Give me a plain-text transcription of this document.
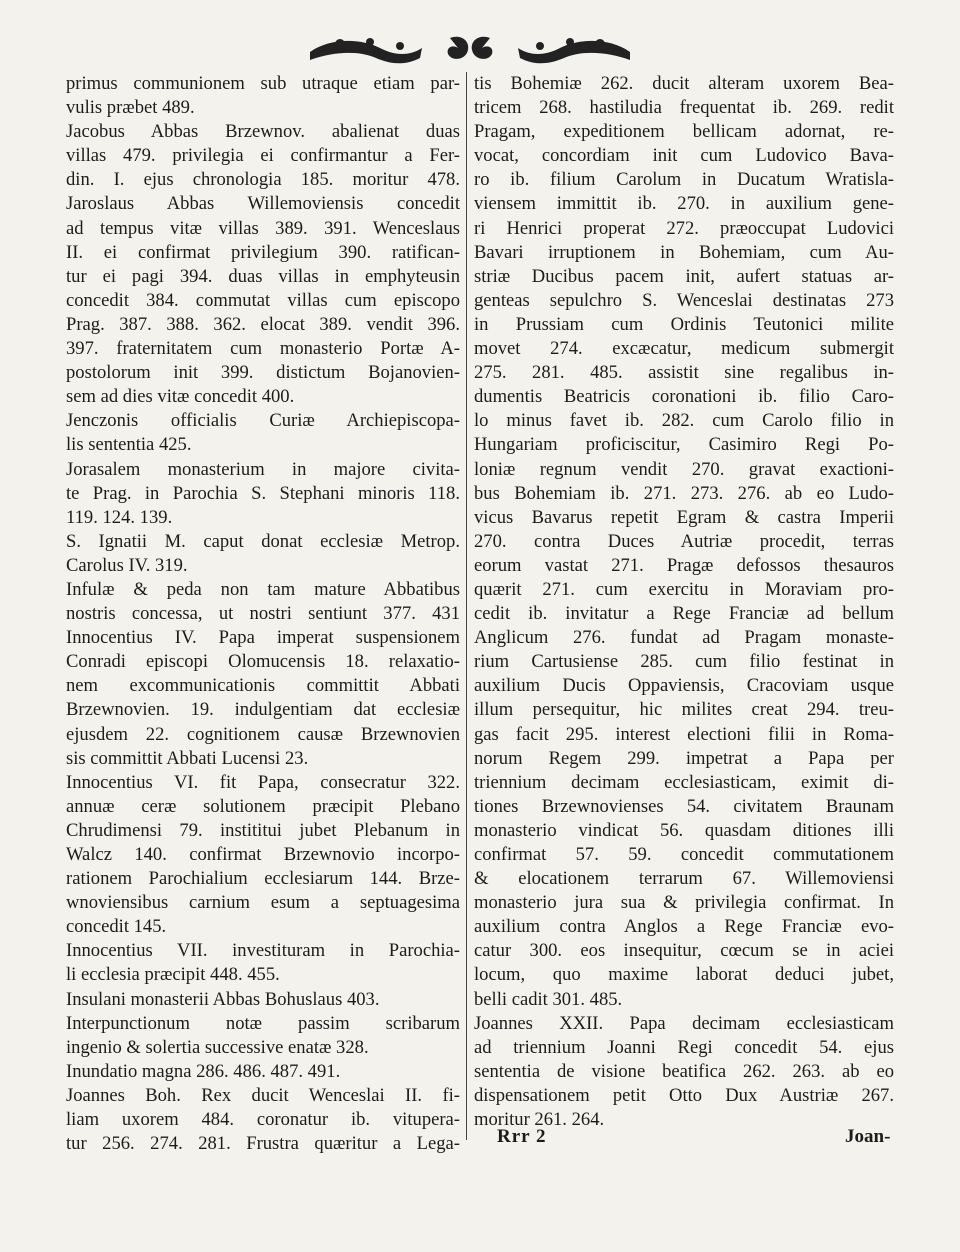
primus communionem sub utraque etiam par-
vulis præbet 489.
Jacobus Abbas Brzewnov. abalienat duas
villas 479. privilegia ei confirmantur a Fer-
din. I. ejus chronologia 185. moritur 478.
Jaroslaus Abbas Willemoviensis concedit
ad tempus vitæ villas 389. 391. Wenceslaus
II. ei confirmat privilegium 390. ratifican-
tur ei pagi 394. duas villas in emphyteusin
concedit 384. commutat villas cum episcopo
Prag. 387. 388. 362. elocat 389. vendit 396.
397. fraternitatem cum monasterio Portæ A-
postolorum init 399. distictum Bojanovien-
sem ad dies vitæ concedit 400.
Jenczonis officialis Curiæ Archiepiscopa-
lis sententia 425.
Jorasalem monasterium in majore civita-
te Prag. in Parochia S. Stephani minoris 118.
119. 124. 139.
S. Ignatii M. caput donat ecclesiæ Metrop.
Carolus IV. 319.
Infulæ & peda non tam mature Abbatibus
nostris concessa, ut nostri sentiunt 377. 431
Innocentius IV. Papa imperat suspensionem
Conradi episcopi Olomucensis 18. relaxatio-
nem excommunicationis committit Abbati
Brzewnovien. 19. indulgentiam dat ecclesiæ
ejusdem 22. cognitionem causæ Brzewnovien
sis committit Abbati Lucensi 23.
Innocentius VI. fit Papa, consecratur 322.
annuæ ceræ solutionem præcipit Plebano
Chrudimensi 79. instititui jubet Plebanum in
Walcz 140. confirmat Brzewnovio incorpo-
rationem Parochialium ecclesiarum 144. Brze-
wnoviensibus carnium esum a septuagesima
concedit 145.
Innocentius VII. investituram in Parochia-
li ecclesia præcipit 448. 455.
Insulani monasterii Abbas Bohuslaus 403.
Interpunctionum notæ passim scribarum
ingenio & solertia successive enatæ 328.
Inundatio magna 286. 486. 487. 491.
Joannes Boh. Rex ducit Wenceslai II. fi-
liam uxorem 484. coronatur ib. vitupera-
tur 256. 274. 281. Frustra quæritur a Lega-
tis Bohemiæ 262. ducit alteram uxorem Bea-
tricem 268. hastiludia frequentat ib. 269. redit
Pragam, expeditionem bellicam adornat, re-
vocat, concordiam init cum Ludovico Bava-
ro ib. filium Carolum in Ducatum Wratisla-
viensem immittit ib. 270. in auxilium gene-
ri Henrici properat 272. præoccupat Ludovici
Bavari irruptionem in Bohemiam, cum Au-
striæ Ducibus pacem init, aufert statuas ar-
genteas sepulchro S. Wenceslai destinatas 273
in Prussiam cum Ordinis Teutonici milite
movet 274. excæcatur, medicum submergit
275. 281. 485. assistit sine regalibus in-
dumentis Beatricis coronationi ib. filio Caro-
lo minus favet ib. 282. cum Carolo filio in
Hungariam proficiscitur, Casimiro Regi Po-
loniæ regnum vendit 270. gravat exactioni-
bus Bohemiam ib. 271. 273. 276. ab eo Ludo-
vicus Bavarus repetit Egram & castra Imperii
270. contra Duces Autriæ procedit, terras
eorum vastat 271. Pragæ defossos thesauros
quærit 271. cum exercitu in Moraviam pro-
cedit ib. invitatur a Rege Franciæ ad bellum
Anglicum 276. fundat ad Pragam monaste-
rium Cartusiense 285. cum filio festinat in
auxilium Ducis Oppaviensis, Cracoviam usque
illum persequitur, hic milites creat 294. treu-
gas facit 295. interest electioni filii in Roma-
norum Regem 299. impetrat a Papa per
triennium decimam ecclesiasticam, eximit di-
tiones Brzewnovienses 54. civitatem Braunam
monasterio vindicat 56. quasdam ditiones illi
confirmat 57. 59. concedit commutationem
& elocationem terrarum 67. Willemoviensi
monasterio jura sua & privilegia confirmat. In
auxilium contra Anglos a Rege Franciæ evo-
catur 300. eos insequitur, cœcum se in aciei
locum, quo maxime laborat deduci jubet,
belli cadit 301. 485.
Joannes XXII. Papa decimam ecclesiasticam
ad triennium Joanni Regi concedit 54. ejus
sententia de visione beatifica 262. 263. ab eo
dispensationem petit Otto Dux Austriæ 267.
moritur 261. 264.
Rrr 2	Joan-
